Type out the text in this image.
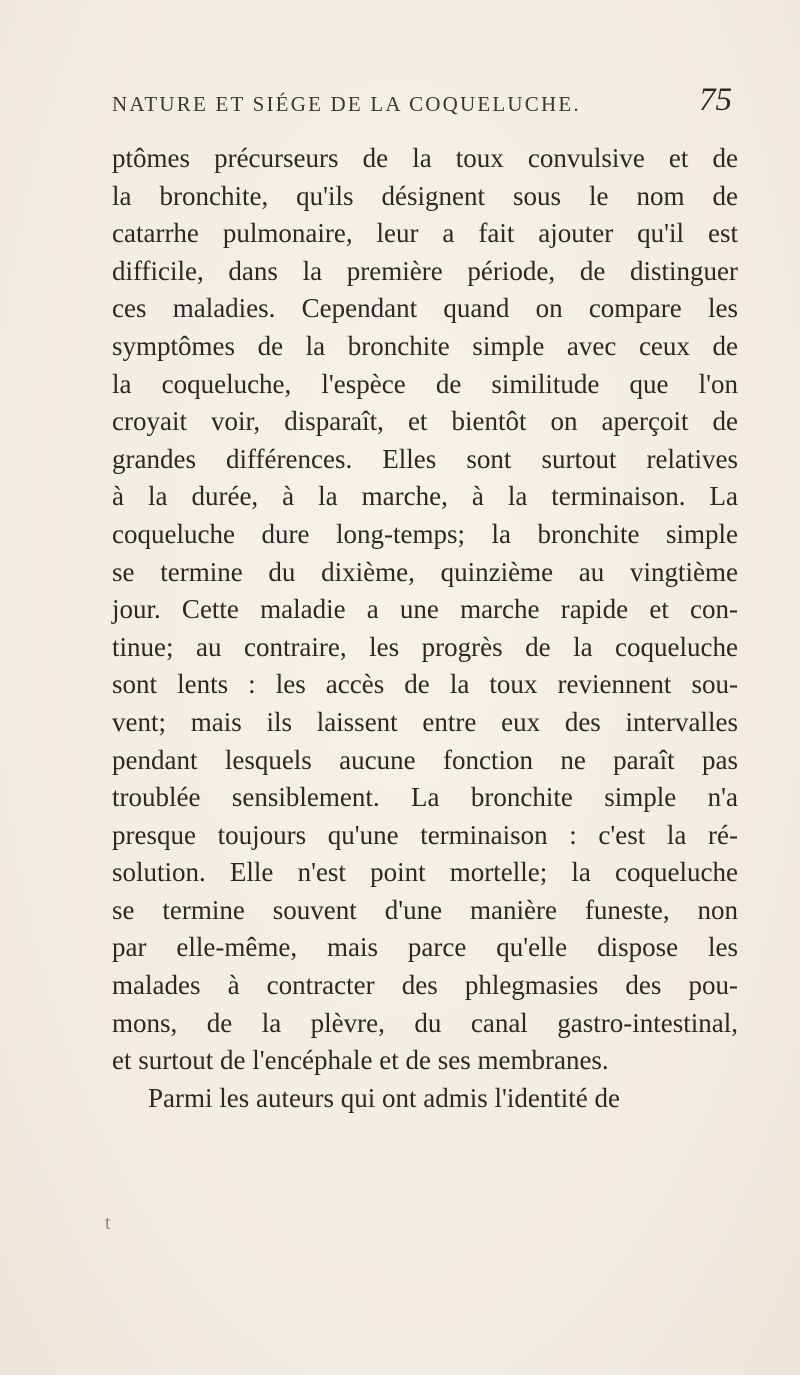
NATURE ET SIÉGE DE LA COQUELUCHE.	75
ptômes précurseurs de la toux convulsive et de
la bronchite, qu'ils désignent sous le nom de
catarrhe pulmonaire, leur a fait ajouter qu'il est
difficile, dans la première période, de distinguer
ces maladies. Cependant quand on compare les
symptômes de la bronchite simple avec ceux de
la coqueluche, l'espèce de similitude que l'on
croyait voir, disparaît, et bientôt on aperçoit de
grandes différences. Elles sont surtout relatives
à la durée, à la marche, à la terminaison. La
coqueluche dure long-temps; la bronchite simple
se termine du dixième, quinzième au vingtième
jour. Cette maladie a une marche rapide et con-
tinue; au contraire, les progrès de la coqueluche
sont lents : les accès de la toux reviennent sou-
vent; mais ils laissent entre eux des intervalles
pendant lesquels aucune fonction ne paraît pas
troublée sensiblement. La bronchite simple n'a
presque toujours qu'une terminaison : c'est la ré-
solution. Elle n'est point mortelle; la coqueluche
se termine souvent d'une manière funeste, non
par elle-même, mais parce qu'elle dispose les
malades à contracter des phlegmasies des pou-
mons, de la plèvre, du canal gastro-intestinal,
et surtout de l'encéphale et de ses membranes.
Parmi les auteurs qui ont admis l'identité de
t
